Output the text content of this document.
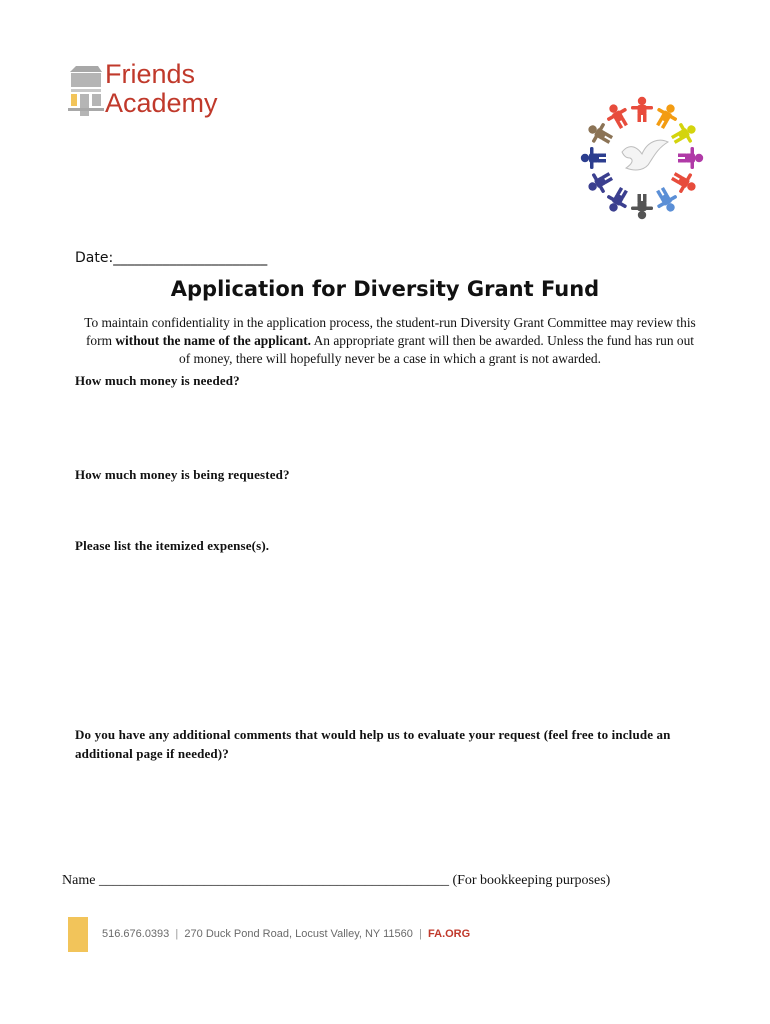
Friends
Academy
Date:______________________
Application for Diversity Grant Fund
To maintain confidentiality in the application process, the student-run Diversity Grant Committee may review this form without the name of the applicant. An appropriate grant will then be awarded. Unless the fund has run out of money, there will hopefully never be a case in which a grant is not awarded.
How much money is needed?
How much money is being requested?
Please list the itemized expense(s).
Do you have any additional comments that would help us to evaluate your request (feel free to include an additional page if needed)?
Name __________________________________________________ (For bookkeeping purposes)
516.676.0393  |  270 Duck Pond Road, Locust Valley, NY 11560  |  FA.ORG
